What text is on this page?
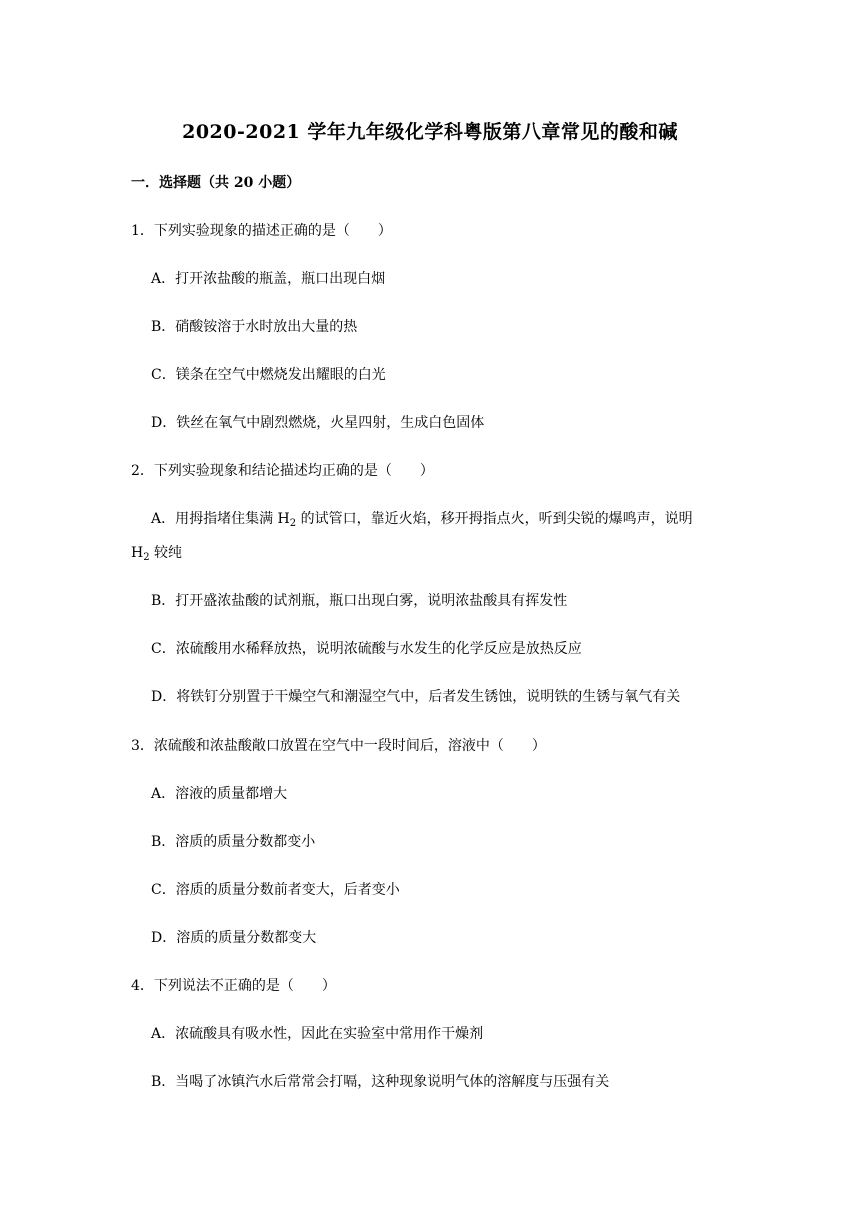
2020-2021 学年九年级化学科粤版第八章常见的酸和碱
一．选择题（共 20 小题）
1．下列实验现象的描述正确的是（　　）
A．打开浓盐酸的瓶盖，瓶口出现白烟
B．硝酸铵溶于水时放出大量的热
C．镁条在空气中燃烧发出耀眼的白光
D．铁丝在氧气中剧烈燃烧，火星四射，生成白色固体
2．下列实验现象和结论描述均正确的是（　　）
A．用拇指堵住集满 $H_2$ 的试管口，靠近火焰，移开拇指点火，听到尖锐的爆鸣声，说明
$H_2$ 较纯
B．打开盛浓盐酸的试剂瓶，瓶口出现白雾，说明浓盐酸具有挥发性
C．浓硫酸用水稀释放热，说明浓硫酸与水发生的化学反应是放热反应
D．将铁钉分别置于干燥空气和潮湿空气中，后者发生锈蚀，说明铁的生锈与氧气有关
3．浓硫酸和浓盐酸敞口放置在空气中一段时间后，溶液中（　　）
A．溶液的质量都增大
B．溶质的质量分数都变小
C．溶质的质量分数前者变大，后者变小
D．溶质的质量分数都变大
4．下列说法不正确的是（　　）
A．浓硫酸具有吸水性，因此在实验室中常用作干燥剂
B．当喝了冰镇汽水后常常会打嗝，这种现象说明气体的溶解度与压强有关
